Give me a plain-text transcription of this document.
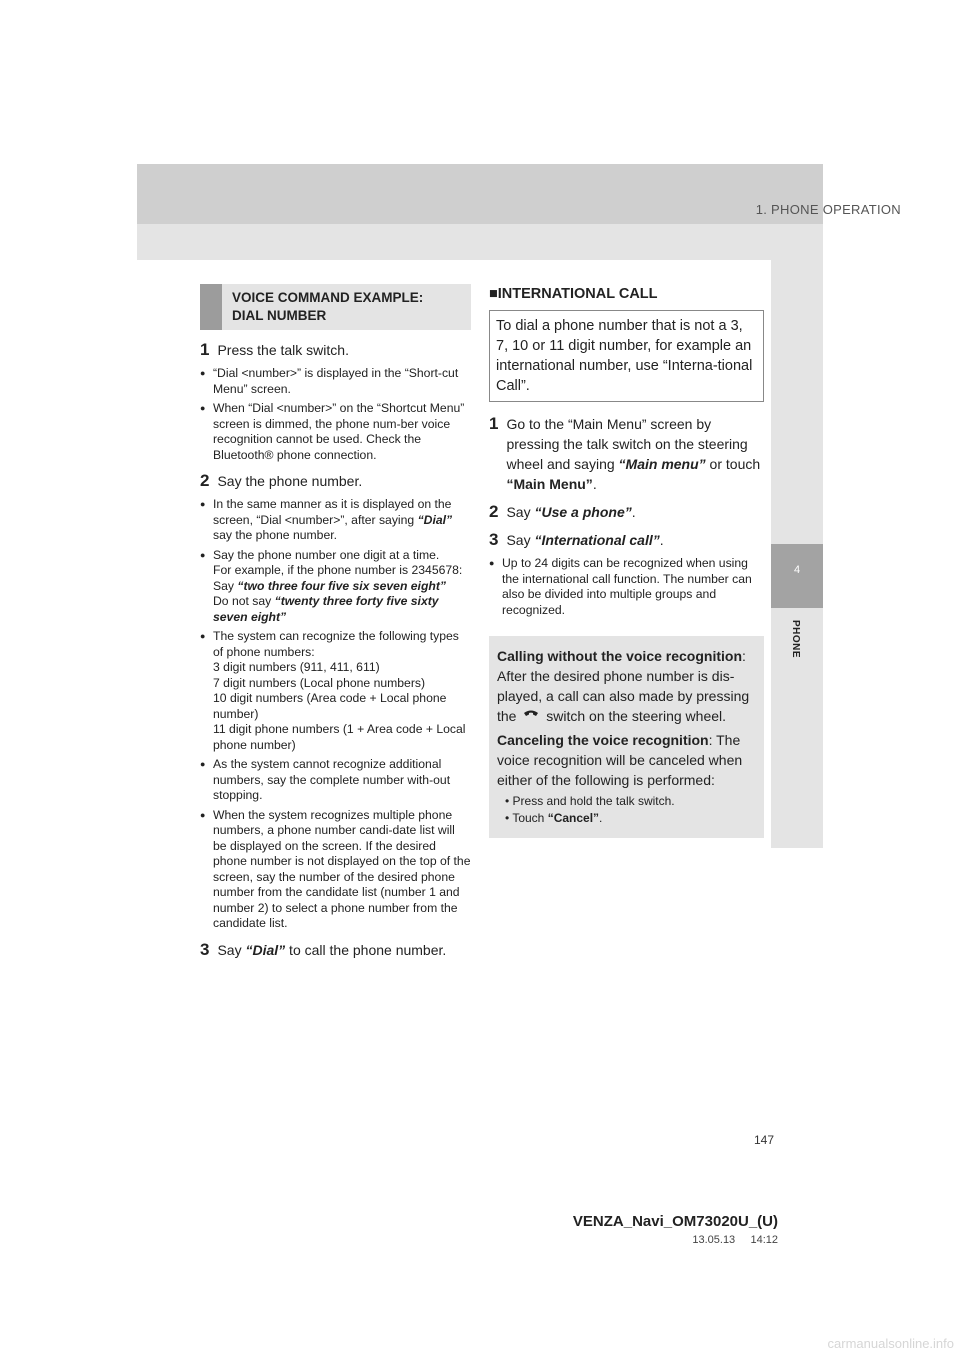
1. PHONE OPERATION
4
PHONE
VOICE COMMAND EXAMPLE:
DIAL NUMBER
1 Press the talk switch.
● “Dial <number>” is displayed in the “Short-cut Menu” screen.
● When “Dial <number>” on the “Shortcut Menu” screen is dimmed, the phone num-ber voice recognition cannot be used. Check the Bluetooth® phone connection.
2 Say the phone number.
● In the same manner as it is displayed on the screen, “Dial <number>”, after saying “Dial” say the phone number.
● Say the phone number one digit at a time.
For example, if the phone number is 2345678:
Say “two three four five six seven eight”
Do not say “twenty three forty five sixty seven eight”
● The system can recognize the following types of phone numbers:
3 digit numbers (911, 411, 611)
7 digit numbers (Local phone numbers)
10 digit numbers (Area code + Local phone number)
11 digit phone numbers (1 + Area code + Local phone number)
● As the system cannot recognize additional numbers, say the complete number with-out stopping.
● When the system recognizes multiple phone numbers, a phone number candi-date list will be displayed on the screen. If the desired phone number is not displayed on the top of the screen, say the number of the desired phone number from the candidate list (number 1 and number 2) to select a phone number from the candidate list.
3 Say “Dial” to call the phone number.
■INTERNATIONAL CALL
To dial a phone number that is not a 3, 7, 10 or 11 digit number, for example an international number, use “Interna-tional Call”.
1 Go to the “Main Menu” screen by pressing the talk switch on the steering wheel and saying “Main menu” or touch “Main Menu”.
2 Say “Use a phone”.
3 Say “International call”.
● Up to 24 digits can be recognized when using the international call function. The number can also be divided into multiple groups and recognized.

Calling without the voice recognition: After the desired phone number is dis-played, a call can also made by pressing the  switch on the steering wheel.

Canceling the voice recognition: The voice recognition will be canceled when either of the following is performed:

• Press and hold the talk switch.
• Touch “Cancel”.
147
VENZA_Navi_OM73020U_(U)
13.05.13     14:12
carmanualsonline.info
